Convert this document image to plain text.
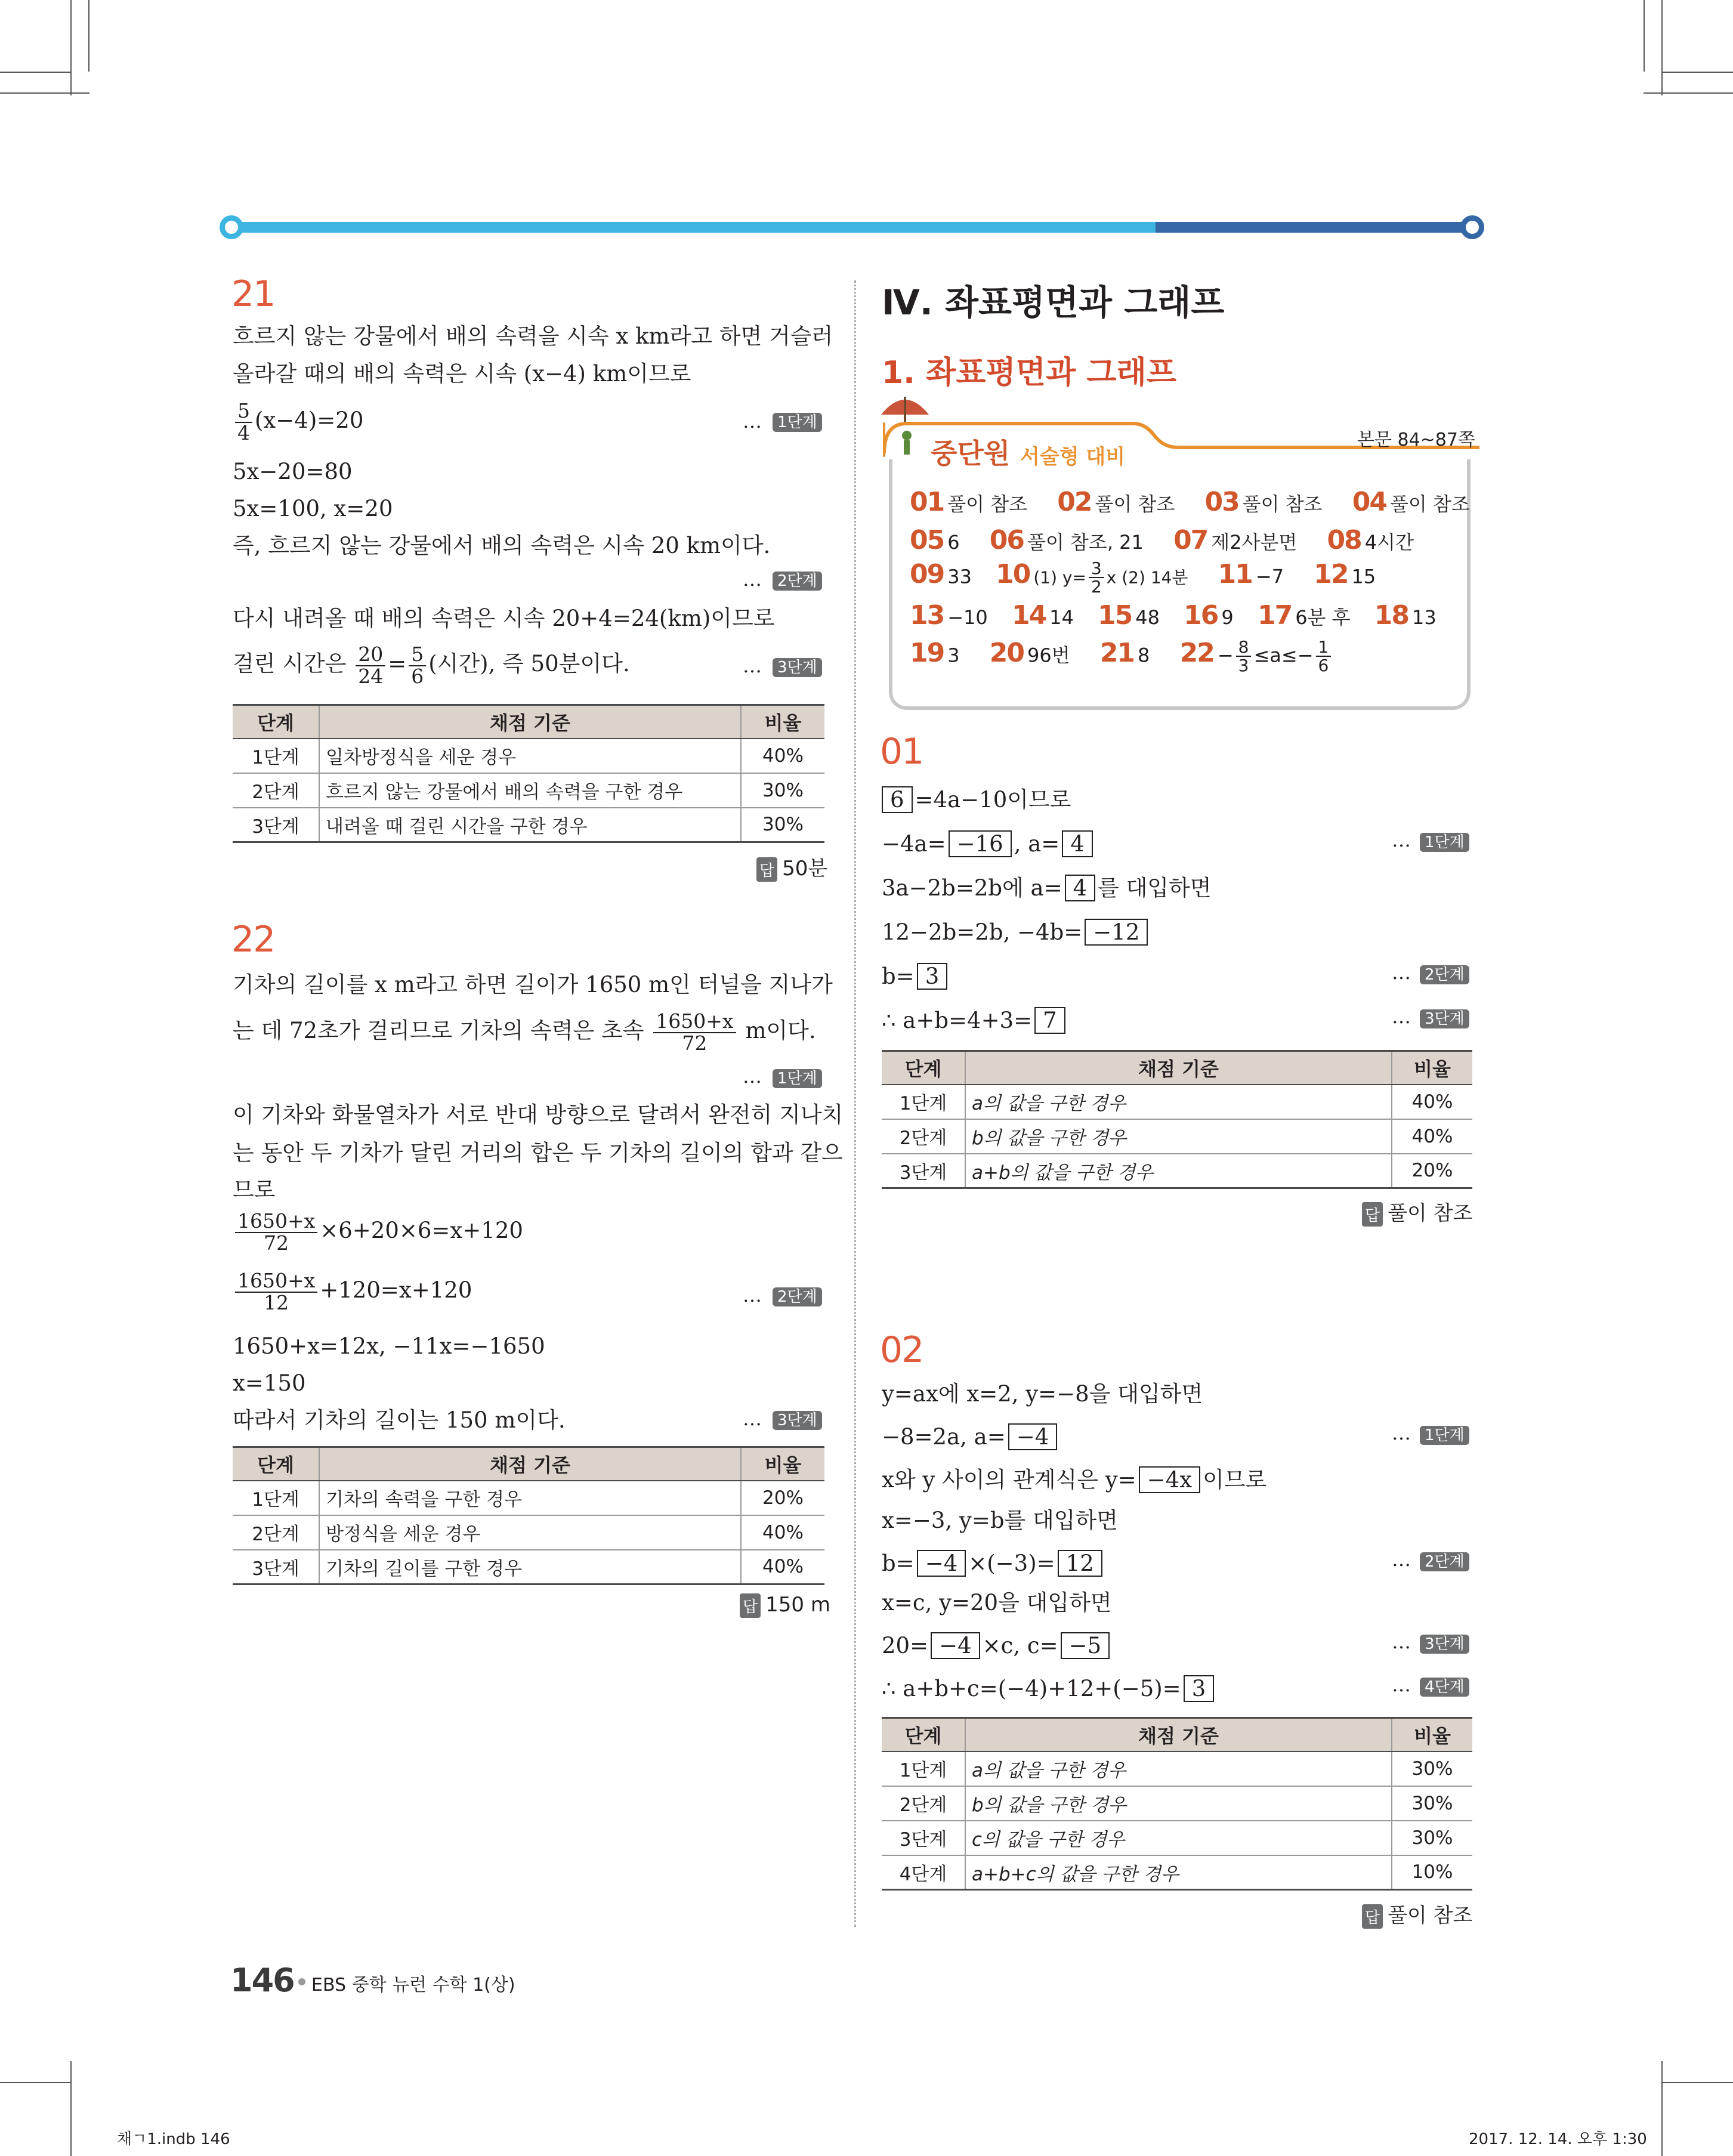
21
흐르지 않는 강물에서 배의 속력을 시속 x km라고 하면 거슬러
올라갈 때의 배의 속력은 시속 (x−4) km이므로
$\frac{5}{4} (x-4)=20$	…	1단계
5x−20=80
5x=100, x=20
즉, 흐르지 않는 강물에서 배의 속력은 시속 20 km이다.
…	2단계
다시 내려올 때 배의 속력은 시속 20+4=24(km)이므로
걸린 시간은 $\frac{20}{24} = \frac{5}{6}$ (시간), 즉 50분이다.	…	3단계
단계	채점 기준	비율
1단계	일차방정식을 세운 경우	40%
2단계	흐르지 않는 강물에서 배의 속력을 구한 경우	30%
3단계	내려올 때 걸린 시간을 구한 경우	30%
답 50분
22
기차의 길이를 x m라고 하면 길이가 1650 m인 터널을 지나가
는 데 72초가 걸리므로 기차의 속력은 초속 $\frac{1650+x}{72}$ m이다.
…	1단계
이 기차와 화물열차가 서로 반대 방향으로 달려서 완전히 지나치
는 동안 두 기차가 달린 거리의 합은 두 기차의 길이의 합과 같으
므로
$\frac{1650+x}{72} \times 6+20\times 6=x+120$
$\frac{1650+x}{12} +120=x+120$	…	2단계
1650+x=12x, −11x=−1650
x=150
따라서 기차의 길이는 150 m이다.	…	3단계
단계	채점 기준	비율
1단계	기차의 속력을 구한 경우	20%
2단계	방정식을 세운 경우	40%
3단계	기차의 길이를 구한 경우	40%
답 150 m
Ⅳ. 좌표평면과 그래프
1. 좌표평면과 그래프
중단원 서술형 대비
본문 84~87쪽
01 풀이 참조 02 풀이 참조 03 풀이 참조 04 풀이 참조
05 6 06 풀이 참조, 21 07 제2사분면 08 4시간
09 33 10 (1) $y= \frac{3}{2}$ x (2) 14분 11 −7 12 15
13 −10 14 14 15 48 16 9 17 6분 후 18 13
19 3 20 96번 21 8 $22 - \frac{8}{3} \le a\le- \frac{1}{6}$
01
6 =4a−10이므로
−4a= −16 , a= 4	… 1단계
3a−2b=2b에 a= 4 를 대입하면
12−2b=2b, −4b= −12
b= 3	… 2단계
∴ a+b=4+3= 7	… 3단계
단계	채점 기준	비율
1단계	a의 값을 구한 경우	40%
2단계	b의 값을 구한 경우	40%
3단계	a+b의 값을 구한 경우	20%
답 풀이 참조
02
y=ax에 x=2, y=−8을 대입하면
−8=2a, a= −4	… 1단계
x와 y 사이의 관계식은 y= −4x 이므로
x=−3, y=b를 대입하면
b= −4 ×(−3)= 12	… 2단계
x=c, y=20을 대입하면
20= −4 ×c, c= −5	… 3단계
∴ a+b+c=(−4)+12+(−5)= 3	… 4단계
단계	채점 기준	비율
1단계	a의 값을 구한 경우	30%
2단계	b의 값을 구한 경우	30%
3단계	c의 값을 구한 경우	30%
4단계	a+b+c의 값을 구한 경우	10%
답 풀이 참조
146 EBS 중학 뉴런 수학 1(상)
채ㄱ1.indb 146	2017. 12. 14. 오후 1:30
